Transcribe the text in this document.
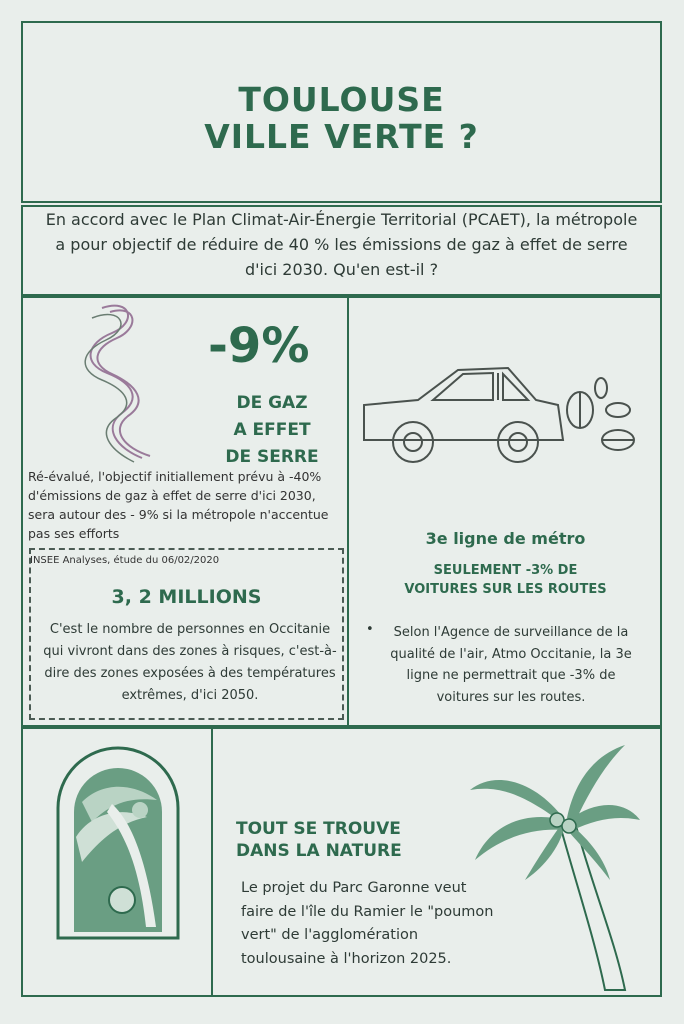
TOULOUSE
VILLE VERTE ?
En accord avec le Plan Climat-Air-Énergie Territorial (PCAET), la métropole a pour objectif de réduire de 40 % les émissions de gaz à effet de serre d'ici 2030. Qu'en est-il ?
-9%
DE GAZ
A EFFET
DE SERRE
Ré-évalué, l'objectif initiallement prévu à -40% d'émissions de gaz à effet de serre d'ici 2030, sera autour des - 9% si la métropole n'accentue pas ses efforts
INSEE Analyses, étude du 06/02/2020
3, 2 MILLIONS
C'est le nombre de personnes en Occitanie qui vivront dans des zones à risques, c'est-à-dire des zones exposées à des températures extrêmes, d'ici 2050.
3e ligne de métro
SEULEMENT -3% DE
VOITURES SUR LES ROUTES
•	Selon l'Agence de surveillance de la qualité de l'air, Atmo Occitanie, la 3e ligne ne permettrait que -3% de voitures sur les routes.
TOUT SE TROUVE
DANS LA NATURE
Le projet du Parc Garonne veut faire de l'île du Ramier le "poumon vert" de l'agglomération toulousaine à l'horizon 2025.
